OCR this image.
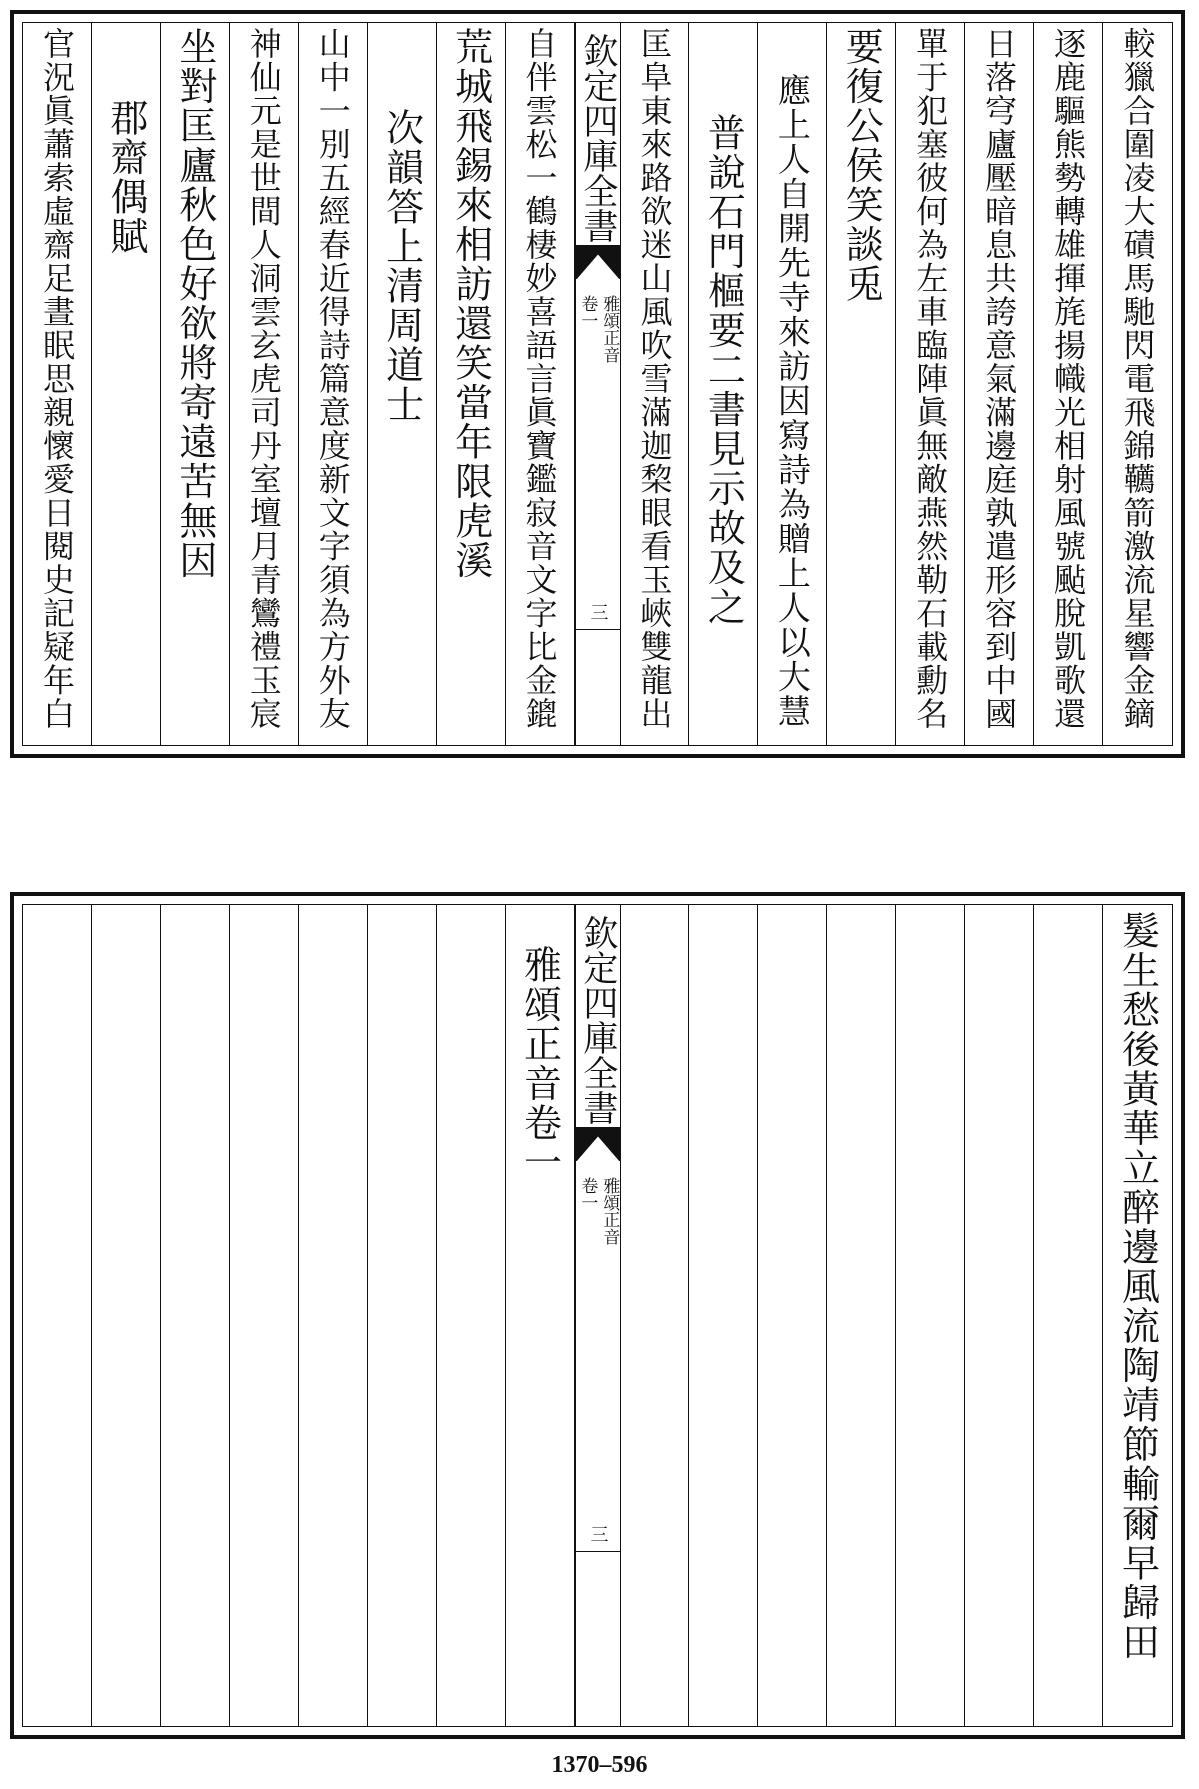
官況眞蕭索虛齋足晝眠思親懷愛日閱史記疑年白 郡齋偶賦 坐對匡廬秋色好欲將寄遠苦無因 神仙元是世間人洞雲玄虎司丹室壇月青鸞禮玉宸 山中一別五經春近得詩篇意度新文字須為方外友 次韻答上清周道士 荒城飛錫來相訪還笑當年限虎溪 自伴雲松一鶴棲妙喜語言眞寶鑑寂音文字比金鎞 欽定四庫全書
雅頌正音
卷一
三 匡阜東來路欲迷山風吹雪滿迦棃眼看玉峽雙龍出 普說石門樞要二書見示故及之 應上人自開先寺來訪因寫詩為贈上人以大慧 要復公侯笑談兎 單于犯塞彼何為左車臨陣眞無敵燕然勒石載勳名 日落穹廬壓暗息共誇意氣滿邊庭孰遣形容到中國 逐鹿驅熊勢轉雄揮旄揚幟光相射風號颭脫凱歌還 較獵合圍凌大磧馬馳閃電飛錦韉箭激流星響金鏑
雅頌正音卷一 欽定四庫全書
雅頌正音
卷一
三	髮生愁後黃華立醉邊風流陶靖節輸爾早歸田
1370–596
